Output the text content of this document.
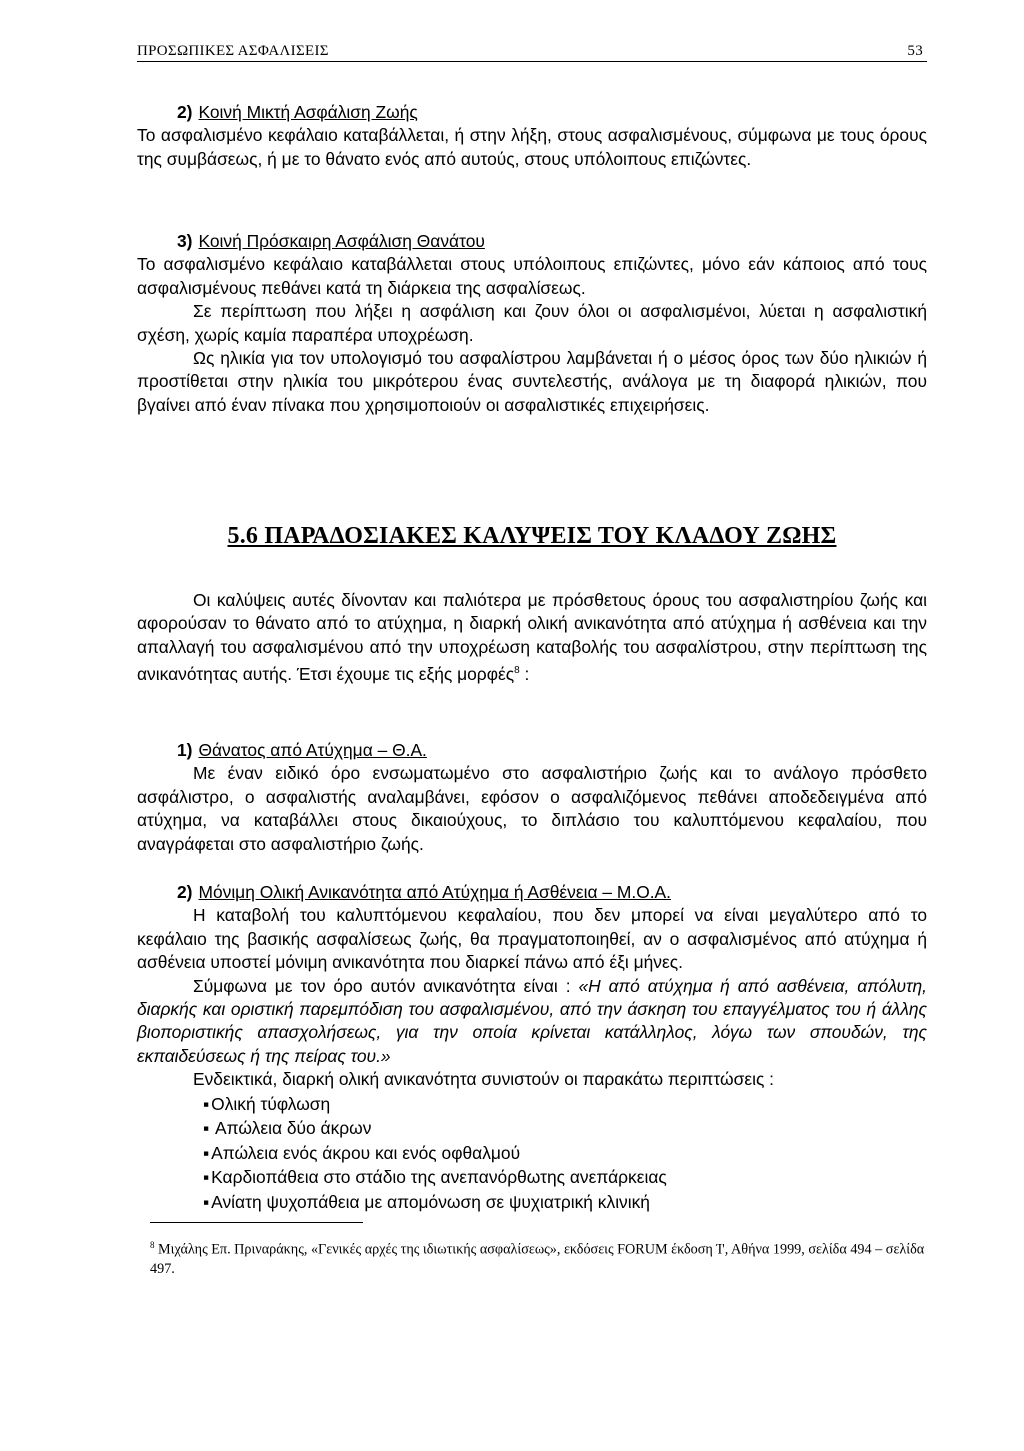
ΠΡΟΣΩΠΙΚΕΣ ΑΣΦΑΛΙΣΕΙΣ	53

2) Κοινή Μικτή Ασφάλιση Ζωής

Το ασφαλισμένο κεφάλαιο καταβάλλεται, ή στην λήξη, στους ασφαλισμένους, σύμφωνα με τους όρους της συμβάσεως, ή με το θάνατο ενός από αυτούς, στους υπόλοιπους επιζώντες.

3) Κοινή Πρόσκαιρη Ασφάλιση Θανάτου

Το ασφαλισμένο κεφάλαιο καταβάλλεται στους υπόλοιπους επιζώντες, μόνο εάν κάποιος από τους ασφαλισμένους πεθάνει κατά τη διάρκεια της ασφαλίσεως.

Σε περίπτωση που λήξει η ασφάλιση και ζουν όλοι οι ασφαλισμένοι, λύεται η ασφαλιστική σχέση, χωρίς καμία παραπέρα υποχρέωση.

Ως ηλικία για τον υπολογισμό του ασφαλίστρου λαμβάνεται ή ο μέσος όρος των δύο ηλικιών ή προστίθεται στην ηλικία του μικρότερου ένας συντελεστής, ανάλογα με τη διαφορά ηλικιών, που βγαίνει από έναν πίνακα που χρησιμοποιούν οι ασφαλιστικές επιχειρήσεις.

5.6 ΠΑΡΑΔΟΣΙΑΚΕΣ ΚΑΛΥΨΕΙΣ ΤΟΥ ΚΛΑΔΟΥ ΖΩΗΣ

Οι καλύψεις αυτές δίνονταν και παλιότερα με πρόσθετους όρους του ασφαλιστηρίου ζωής και αφορούσαν το θάνατο από το ατύχημα, η διαρκή ολική ανικανότητα από ατύχημα ή ασθένεια και την απαλλαγή του ασφαλισμένου από την υποχρέωση καταβολής του ασφαλίστρου, στην περίπτωση της ανικανότητας αυτής. Έτσι έχουμε τις εξής μορφές$^8$ :

1) Θάνατος από Ατύχημα – Θ.Α.

Με έναν ειδικό όρο ενσωματωμένο στο ασφαλιστήριο ζωής και το ανάλογο πρόσθετο ασφάλιστρο, ο ασφαλιστής αναλαμβάνει, εφόσον ο ασφαλιζόμενος πεθάνει αποδεδειγμένα από ατύχημα, να καταβάλλει στους δικαιούχους, το διπλάσιο του καλυπτόμενου κεφαλαίου, που αναγράφεται στο ασφαλιστήριο ζωής.

2) Μόνιμη Ολική Ανικανότητα από Ατύχημα ή Ασθένεια – Μ.Ο.Α.

Η καταβολή του καλυπτόμενου κεφαλαίου, που δεν μπορεί να είναι μεγαλύτερο από το κεφάλαιο της βασικής ασφαλίσεως ζωής, θα πραγματοποιηθεί, αν ο ασφαλισμένος από ατύχημα ή ασθένεια υποστεί μόνιμη ανικανότητα που διαρκεί πάνω από έξι μήνες.

Σύμφωνα με τον όρο αυτόν ανικανότητα είναι : «Η από ατύχημα ή από ασθένεια, απόλυτη, διαρκής και οριστική παρεμπόδιση του ασφαλισμένου, από την άσκηση του επαγγέλματος του ή άλλης βιοποριστικής απασχολήσεως, για την οποία κρίνεται κατάλληλος, λόγω των σπουδών, της εκπαιδεύσεως ή της πείρας του.»

Ενδεικτικά, διαρκή ολική ανικανότητα συνιστούν οι παρακάτω περιπτώσεις :

▪ Ολική τύφλωση
▪ Απώλεια δύο άκρων
▪ Απώλεια ενός άκρου και ενός οφθαλμού
▪ Καρδιοπάθεια στο στάδιο της ανεπανόρθωτης ανεπάρκειας
▪ Ανίατη ψυχοπάθεια με απομόνωση σε ψυχιατρική κλινική
$^8$ Μιχάλης Επ. Πριναράκης, «Γενικές αρχές της ιδιωτικής ασφαλίσεως», εκδόσεις FORUM έκδοση Ί', Αθήνα 1999, σελίδα 494 – σελίδα 497.
